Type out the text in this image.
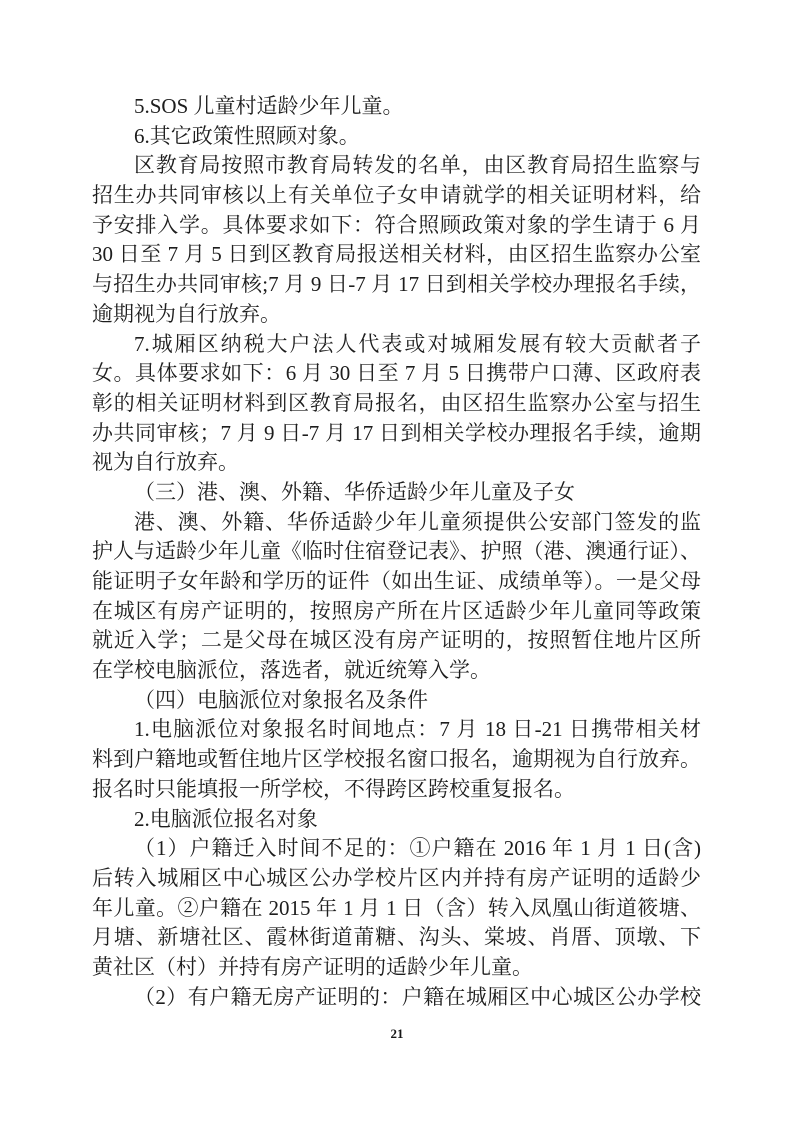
5.SOS 儿童村适龄少年儿童。
6.其它政策性照顾对象。
区教育局按照市教育局转发的名单，由区教育局招生监察与
招生办共同审核以上有关单位子女申请就学的相关证明材料，给
予安排入学。具体要求如下：符合照顾政策对象的学生请于 6 月
30 日至 7 月 5 日到区教育局报送相关材料，由区招生监察办公室
与招生办共同审核;7 月 9 日-7 月 17 日到相关学校办理报名手续，
逾期视为自行放弃。
7.城厢区纳税大户法人代表或对城厢发展有较大贡献者子
女。具体要求如下：6 月 30 日至 7 月 5 日携带户口薄、区政府表
彰的相关证明材料到区教育局报名，由区招生监察办公室与招生
办共同审核；7 月 9 日-7 月 17 日到相关学校办理报名手续，逾期
视为自行放弃。
（三）港、澳、外籍、华侨适龄少年儿童及子女
港、澳、外籍、华侨适龄少年儿童须提供公安部门签发的监
护人与适龄少年儿童《临时住宿登记表》、护照（港、澳通行证）、
能证明子女年龄和学历的证件（如出生证、成绩单等）。一是父母
在城区有房产证明的，按照房产所在片区适龄少年儿童同等政策
就近入学；二是父母在城区没有房产证明的，按照暂住地片区所
在学校电脑派位，落选者，就近统筹入学。
（四）电脑派位对象报名及条件
1.电脑派位对象报名时间地点：7 月 18 日-21 日携带相关材
料到户籍地或暂住地片区学校报名窗口报名，逾期视为自行放弃。
报名时只能填报一所学校，不得跨区跨校重复报名。
2.电脑派位报名对象
（1）户籍迁入时间不足的：①户籍在 2016 年 1 月 1 日(含)
后转入城厢区中心城区公办学校片区内并持有房产证明的适龄少
年儿童。②户籍在 2015 年 1 月 1 日（含）转入凤凰山街道筱塘、
月塘、新塘社区、霞林街道莆糖、沟头、棠坡、肖厝、顶墩、下
黄社区（村）并持有房产证明的适龄少年儿童。
（2）有户籍无房产证明的：户籍在城厢区中心城区公办学校
21
